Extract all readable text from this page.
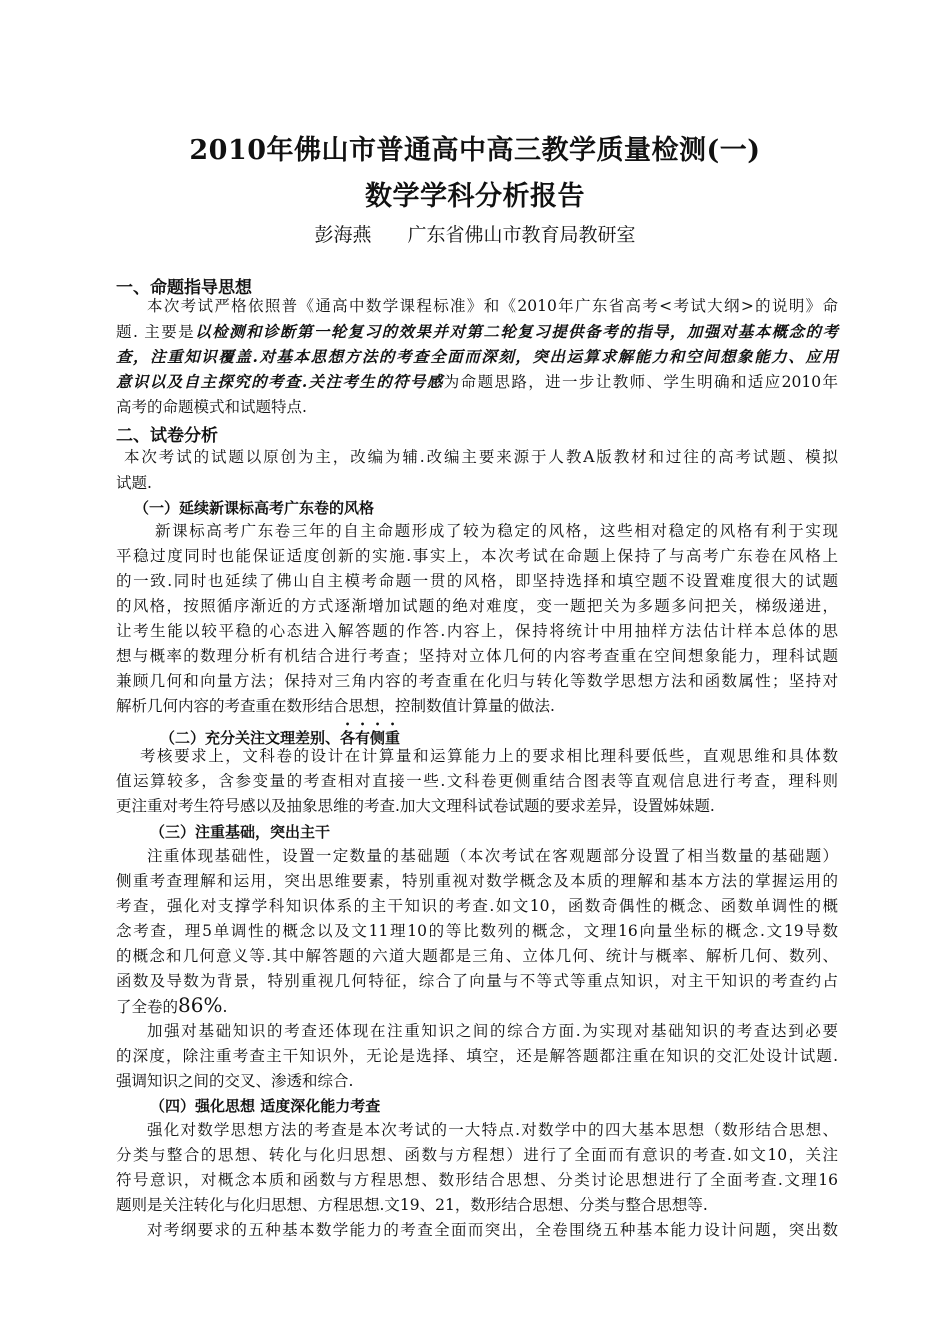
2010年佛山市普通高中高三教学质量检测(一)
数学学科分析报告
彭海燕 广东省佛山市教育局教研室
一、命题指导思想
本次考试严格依照普《通高中数学课程标准》和《2010年广东省高考<考试大纲>的说明》命
题. 主要是以检测和诊断第一轮复习的效果并对第二轮复习提供备考的指导，加强对基本概念的考
查，注重知识覆盖.对基本思想方法的考查全面而深刻，突出运算求解能力和空间想象能力、应用
意识以及自主探究的考查.关注考生的符号感为命题思路，进一步让教师、学生明确和适应2010年
高考的命题模式和试题特点.
二、试卷分析
本次考试的试题以原创为主，改编为辅.改编主要来源于人教A版教材和过往的高考试题、模拟
试题.
（一）延续新课标高考广东卷的风格
新课标高考广东卷三年的自主命题形成了较为稳定的风格，这些相对稳定的风格有利于实现
平稳过度同时也能保证适度创新的实施.事实上，本次考试在命题上保持了与高考广东卷在风格上
的一致.同时也延续了佛山自主模考命题一贯的风格，即坚持选择和填空题不设置难度很大的试题
的风格，按照循序渐近的方式逐渐增加试题的绝对难度，变一题把关为多题多问把关，梯级递进，
让考生能以较平稳的心态进入解答题的作答.内容上，保持将统计中用抽样方法估计样本总体的思
想与概率的数理分析有机结合进行考查；坚持对立体几何的内容考查重在空间想象能力，理科试题
兼顾几何和向量方法；保持对三角内容的考查重在化归与转化等数学思想方法和函数属性；坚持对
解析几何内容的考查重在数形结合思想，控制数值计算量的做法.
（二）充分关注文理差别、各有侧重
考核要求上，文科卷的设计在计算量和运算能力上的要求相比理科要低些，直观思维和具体数
值运算较多，含参变量的考查相对直接一些.文科卷更侧重结合图表等直观信息进行考查，理科则
更注重对考生符号感以及抽象思维的考查.加大文理科试卷试题的要求差异，设置姊妹题.
（三）注重基础，突出主干
注重体现基础性，设置一定数量的基础题（本次考试在客观题部分设置了相当数量的基础题）
侧重考查理解和运用，突出思维要素，特别重视对数学概念及本质的理解和基本方法的掌握运用的
考查，强化对支撑学科知识体系的主干知识的考查.如文10，函数奇偶性的概念、函数单调性的概
念考查，理5单调性的概念以及文11理10的等比数列的概念，文理16向量坐标的概念.文19导数
的概念和几何意义等.其中解答题的六道大题都是三角、立体几何、统计与概率、解析几何、数列、
函数及导数为背景，特别重视几何特征，综合了向量与不等式等重点知识，对主干知识的考查约占
了全卷的86%.
加强对基础知识的考查还体现在注重知识之间的综合方面.为实现对基础知识的考查达到必要
的深度，除注重考查主干知识外，无论是选择、填空，还是解答题都注重在知识的交汇处设计试题.
强调知识之间的交叉、渗透和综合.
（四）强化思想 适度深化能力考查
强化对数学思想方法的考查是本次考试的一大特点.对数学中的四大基本思想（数形结合思想、
分类与整合的思想、转化与化归思想、函数与方程想）进行了全面而有意识的考查.如文10，关注
符号意识，对概念本质和函数与方程思想、数形结合思想、分类讨论思想进行了全面考查.文理16
题则是关注转化与化归思想、方程思想.文19、21，数形结合思想、分类与整合思想等.
对考纲要求的五种基本数学能力的考查全面而突出，全卷围绕五种基本能力设计问题，突出数
